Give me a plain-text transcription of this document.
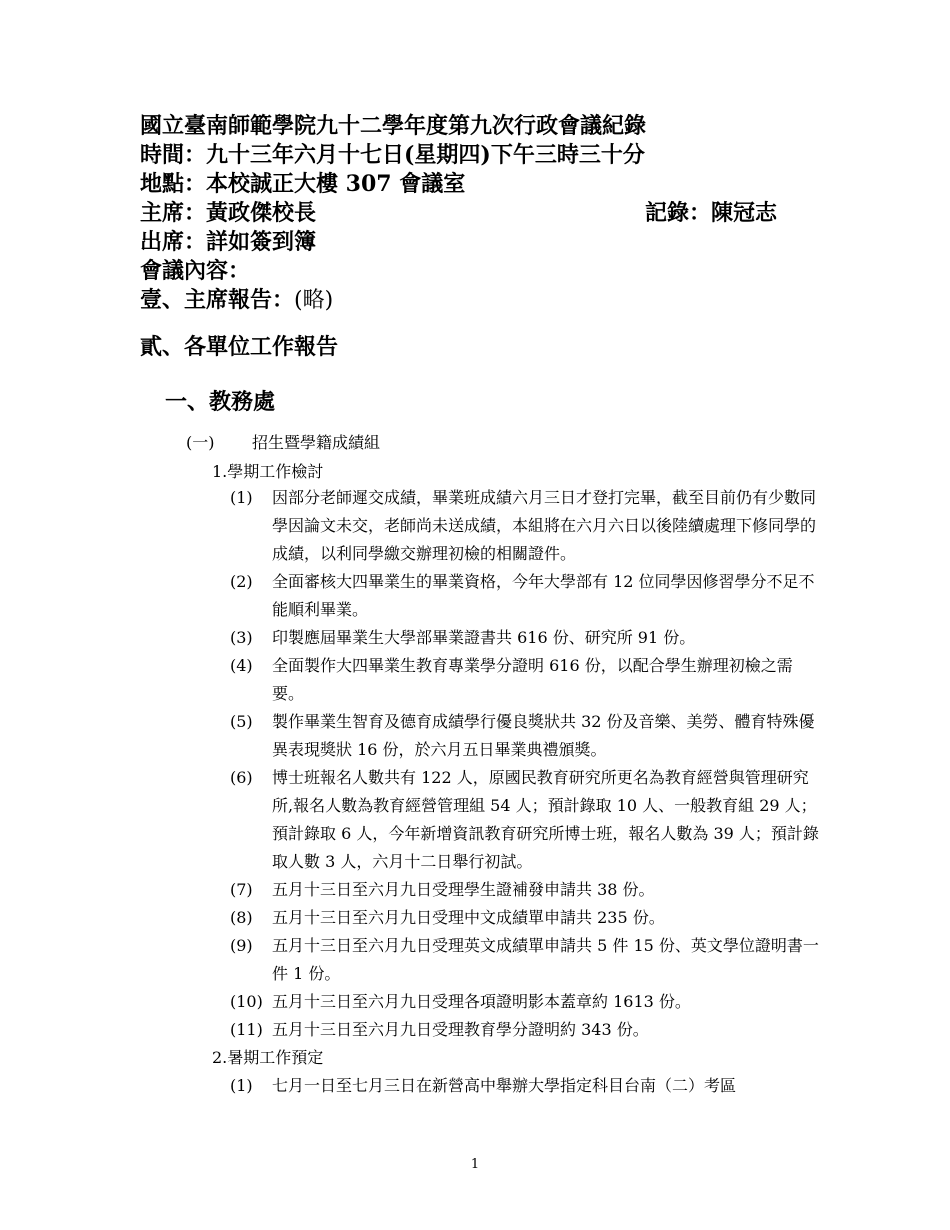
國立臺南師範學院九十二學年度第九次行政會議紀錄
時間：九十三年六月十七日(星期四)下午三時三十分
地點：本校誠正大樓 307 會議室
主席：黃政傑校長	記錄：陳冠志
出席：詳如簽到簿
會議內容：
壹、主席報告：(略)
貳、各單位工作報告
一、教務處
(一) 招生暨學籍成績組
1.學期工作檢討
(1) 因部分老師遲交成績，畢業班成績六月三日才登打完畢，截至目前仍有少數同學因論文未交，老師尚未送成績，本組將在六月六日以後陸續處理下修同學的成績，以利同學繳交辦理初檢的相關證件。
(2) 全面審核大四畢業生的畢業資格，今年大學部有 12 位同學因修習學分不足不能順利畢業。
(3) 印製應屆畢業生大學部畢業證書共 616 份、研究所 91 份。
(4) 全面製作大四畢業生教育專業學分證明 616 份，以配合學生辦理初檢之需要。
(5) 製作畢業生智育及德育成績學行優良獎狀共 32 份及音樂、美勞、體育特殊優異表現獎狀 16 份，於六月五日畢業典禮頒獎。
(6) 博士班報名人數共有 122 人，原國民教育研究所更名為教育經營與管理研究所,報名人數為教育經營管理組 54 人；預計錄取 10 人、一般教育組 29 人；預計錄取 6 人，今年新增資訊教育研究所博士班，報名人數為 39 人；預計錄取人數 3 人，六月十二日舉行初試。
(7) 五月十三日至六月九日受理學生證補發申請共 38 份。
(8) 五月十三日至六月九日受理中文成績單申請共 235 份。
(9) 五月十三日至六月九日受理英文成績單申請共 5 件 15 份、英文學位證明書一件 1 份。
(10) 五月十三日至六月九日受理各項證明影本蓋章約 1613 份。
(11) 五月十三日至六月九日受理教育學分證明約 343 份。
2.暑期工作預定
(1) 七月一日至七月三日在新營高中舉辦大學指定科目台南（二）考區
1
